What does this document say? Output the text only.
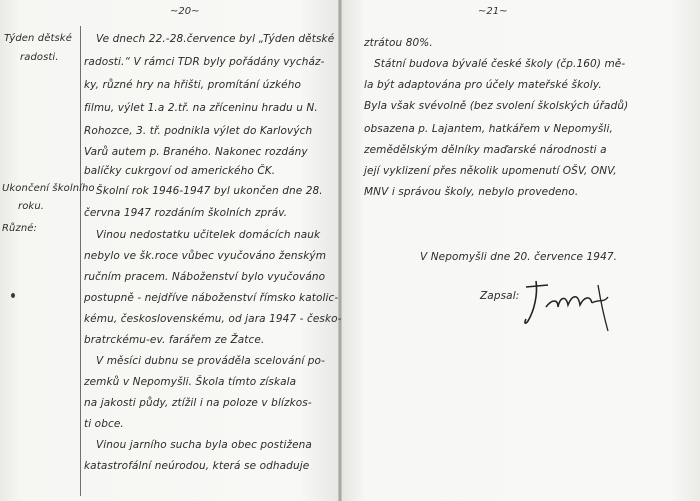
~20~	~21~
Týden dětské
radosti.
Ukončení školního
roku.
Různé:
Ve dnech 22.-28.července byl „Týden dětské
radosti.“ V rámci TDR byly pořádány vycház-
ky, různé hry na hřišti, promítání úzkého
filmu, výlet 1.a 2.tř. na zříceninu hradu u N.
Rohozce, 3. tř. podnikla výlet do Karlových
Varů autem p. Braného. Nakonec rozdány
balíčky cukrgoví od amerického ČK.
Školní rok 1946-1947 byl ukončen dne 28.
června 1947 rozdáním školních zpráv.
Vinou nedostatku učitelek domácích nauk
nebylo ve šk.roce vůbec vyučováno ženským
ručním pracem. Náboženství bylo vyučováno
postupně - nejdříve náboženství římsko katolic-
kému, československému, od jara 1947 - česko-
bratrckému-ev. farářem ze Žatce.
V měsíci dubnu se prováděla scelování po-
zemků v Nepomyšli. Škola tímto získala
na jakosti půdy, ztížil i na poloze v blízkos-
ti obce.
Vinou jarního sucha byla obec postižena
katastrofální neúrodou, která se odhaduje
ztrátou 80%.
Státní budova bývalé české školy (čp.160) mě-
la být adaptována pro účely mateřské školy.
Byla však svévolně (bez svolení školských úřadů)
obsazena p. Lajantem, hatkářem v Nepomyšli,
zemědělským dělníky maďarské národnosti a
její vyklizení přes několik upomenutí OŠV, ONV,
MNV i správou školy, nebylo provedeno.
V Nepomyšli dne 20. července 1947.
Zapsal:
